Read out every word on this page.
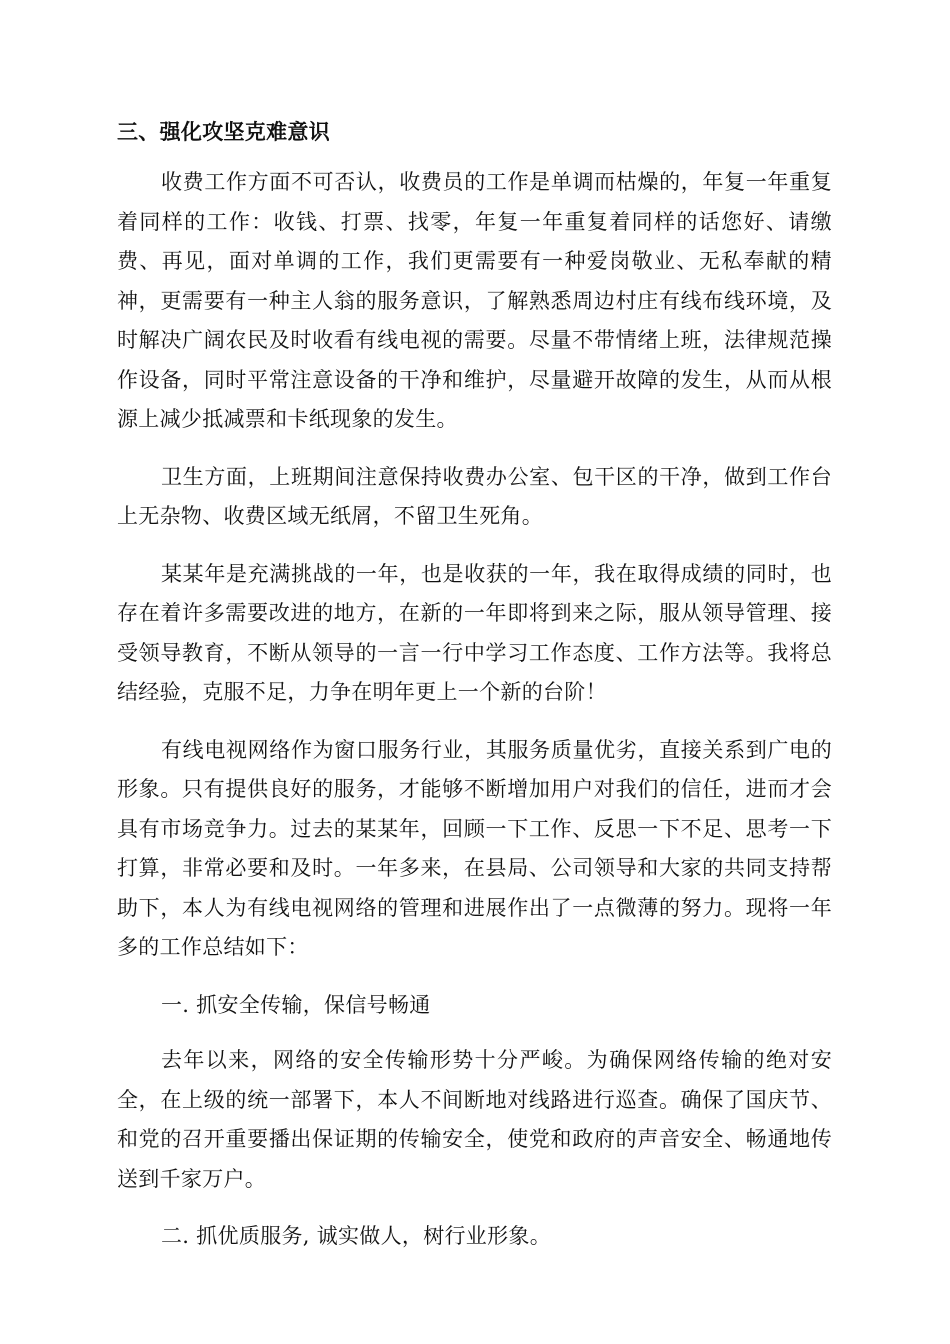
三、强化攻坚克难意识

收费工作方面不可否认，收费员的工作是单调而枯燥的，年复一年重复着同样的工作：收钱、打票、找零，年复一年重复着同样的话您好、请缴费、再见，面对单调的工作，我们更需要有一种爱岗敬业、无私奉献的精神，更需要有一种主人翁的服务意识，了解熟悉周边村庄有线布线环境，及时解决广阔农民及时收看有线电视的需要。尽量不带情绪上班，法律规范操作设备，同时平常注意设备的干净和维护，尽量避开故障的发生，从而从根源上减少抵减票和卡纸现象的发生。

卫生方面，上班期间注意保持收费办公室、包干区的干净，做到工作台上无杂物、收费区域无纸屑，不留卫生死角。

某某年是充满挑战的一年，也是收获的一年，我在取得成绩的同时，也存在着许多需要改进的地方，在新的一年即将到来之际，服从领导管理、接受领导教育，不断从领导的一言一行中学习工作态度、工作方法等。我将总结经验，克服不足，力争在明年更上一个新的台阶！

有线电视网络作为窗口服务行业，其服务质量优劣，直接关系到广电的形象。只有提供良好的服务，才能够不断增加用户对我们的信任，进而才会具有市场竞争力。过去的某某年，回顾一下工作、反思一下不足、思考一下打算，非常必要和及时。一年多来，在县局、公司领导和大家的共同支持帮助下，本人为有线电视网络的管理和进展作出了一点微薄的努力。现将一年多的工作总结如下：

一. 抓安全传输，保信号畅通

去年以来，网络的安全传输形势十分严峻。为确保网络传输的绝对安全，在上级的统一部署下，本人不间断地对线路进行巡查。确保了国庆节、和党的召开重要播出保证期的传输安全，使党和政府的声音安全、畅通地传送到千家万户。

二. 抓优质服务, 诚实做人，树行业形象。
